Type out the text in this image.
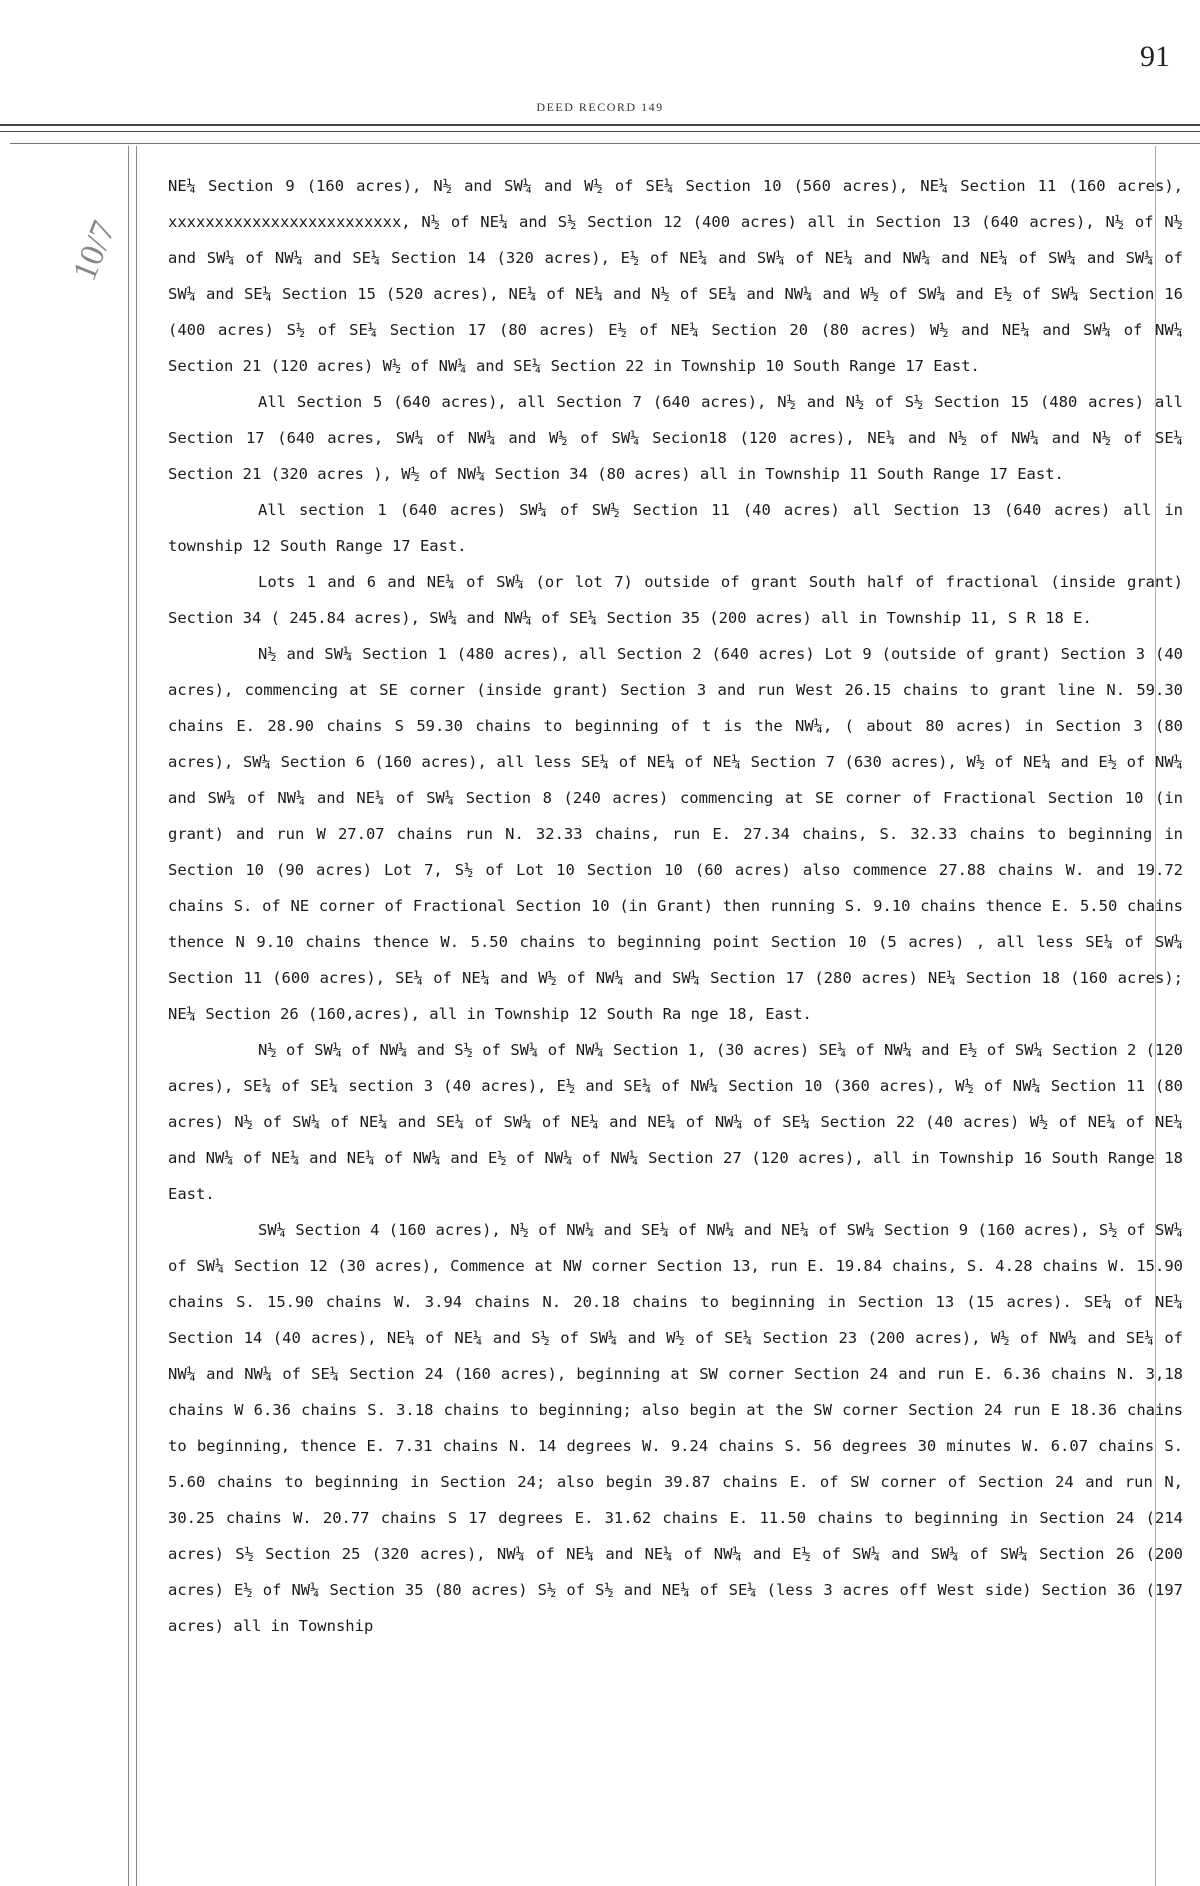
91
DEED RECORD 149
10/7

NE¼ Section 9 (160 acres), N½ and SW¼ and W½ of SE¼ Section 10 (560 acres), NE¼ Section 11 (160 acres), xxxxxxxxxxxxxxxxxxxxxxxxx, N½ of NE¼ and S½ Section 12 (400 acres) all in Section 13 (640 acres), N½ of N½ and SW¼ of NW¼ and SE¼ Section 14 (320 acres), E½ of NE¼ and SW¼ of NE¼ and NW¼ and NE¼ of SW¼ and SW¼ of SW¼ and SE¼ Section 15 (520 acres), NE¼ of NE¼ and N½ of SE¼ and NW¼ and W½ of SW¼ and E½ of SW¼ Section 16 (400 acres) S½ of SE¼ Section 17 (80 acres) E½ of NE¼ Section 20 (80 acres) W½ and NE¼ and SW¼ of NW¼ Section 21 (120 acres) W½ of NW¼ and SE¼ Section 22 in Township 10 South Range 17 East.

All Section 5 (640 acres), all Section 7 (640 acres), N½ and N½ of S½ Section 15 (480 acres) all Section 17 (640 acres, SW¼ of NW¼ and W½ of SW¼ Secion18 (120 acres), NE¼ and N½ of NW¼ and N½ of SE¼ Section 21 (320 acres ), W½ of NW¼ Section 34 (80 acres) all in Township 11 South Range 17 East.

All section 1 (640 acres) SW¼ of SW½ Section 11 (40 acres) all Section 13 (640 acres) all in township 12 South Range 17 East.

Lots 1 and 6 and NE¼ of SW¼ (or lot 7) outside of grant South half of fractional (inside grant) Section 34 ( 245.84 acres), SW¼ and NW¼ of SE¼ Section 35 (200 acres) all in Township 11, S R 18 E.

N½ and SW¼ Section 1 (480 acres), all Section 2 (640 acres) Lot 9 (outside of grant) Section 3 (40 acres), commencing at SE corner (inside grant) Section 3 and run West 26.15 chains to grant line N. 59.30 chains E. 28.90 chains S 59.30 chains to beginning of t is the NW¼, ( about 80 acres) in Section 3 (80 acres), SW¼ Section 6 (160 acres), all less SE¼ of NE¼ of NE¼ Section 7 (630 acres), W½ of NE¼ and E½ of NW¼ and SW¼ of NW¼ and NE¼ of SW¼ Section 8 (240 acres) commencing at SE corner of Fractional Section 10 (in grant) and run W 27.07 chains run N. 32.33 chains, run E. 27.34 chains, S. 32.33 chains to beginning in Section 10 (90 acres) Lot 7, S½ of Lot 10 Section 10 (60 acres) also commence 27.88 chains W. and 19.72 chains S. of NE corner of Fractional Section 10 (in Grant) then running S. 9.10 chains thence E. 5.50 chains thence N 9.10 chains thence W. 5.50 chains to beginning point Section 10 (5 acres) , all less SE¼ of SW¼ Section 11 (600 acres), SE¼ of NE¼ and W½ of NW¼ and SW¼ Section 17 (280 acres) NE¼ Section 18 (160 acres); NE¼ Section 26 (160,acres), all in Township 12 South Ra nge 18, East.

N½ of SW¼ of NW¼ and S½ of SW¼ of NW¼ Section 1, (30 acres) SE¼ of NW¼ and E½ of SW¼ Section 2 (120 acres), SE¼ of SE¼ section 3 (40 acres), E½ and SE¼ of NW¼ Section 10 (360 acres), W½ of NW¼ Section 11 (80 acres) N½ of SW¼ of NE¼ and SE¼ of SW¼ of NE¼ and NE¼ of NW¼ of SE¼ Section 22 (40 acres) W½ of NE¼ of NE¼ and NW¼ of NE¼ and NE¼ of NW¼ and E½ of NW¼ of NW¼ Section 27 (120 acres), all in Township 16 South Range 18 East.

SW¼ Section 4 (160 acres), N½ of NW¼ and SE¼ of NW¼ and NE¼ of SW¼ Section 9 (160 acres), S½ of SW¼ of SW¼ Section 12 (30 acres), Commence at NW corner Section 13, run E. 19.84 chains, S. 4.28 chains W. 15.90 chains S. 15.90 chains W. 3.94 chains N. 20.18 chains to beginning in Section 13 (15 acres). SE¼ of NE¼ Section 14 (40 acres), NE¼ of NE¼ and S½ of SW¼ and W½ of SE¼ Section 23 (200 acres), W½ of NW¼ and SE¼ of NW¼ and NW¼ of SE¼ Section 24 (160 acres), beginning at SW corner Section 24 and run E. 6.36 chains N. 3,18 chains W 6.36 chains S. 3.18 chains to beginning; also begin at the SW corner Section 24 run E 18.36 chains to beginning, thence E. 7.31 chains N. 14 degrees W. 9.24 chains S. 56 degrees 30 minutes W. 6.07 chains S. 5.60 chains to beginning in Section 24; also begin 39.87 chains E. of SW corner of Section 24 and run N, 30.25 chains W. 20.77 chains S 17 degrees E. 31.62 chains E. 11.50 chains to beginning in Section 24 (214 acres) S½ Section 25 (320 acres), NW¼ of NE¼ and NE¼ of NW¼ and E½ of SW¼ and SW¼ of SW¼ Section 26 (200 acres) E½ of NW¼ Section 35 (80 acres) S½ of S½ and NE¼ of SE¼ (less 3 acres off West side) Section 36 (197 acres) all in Township
